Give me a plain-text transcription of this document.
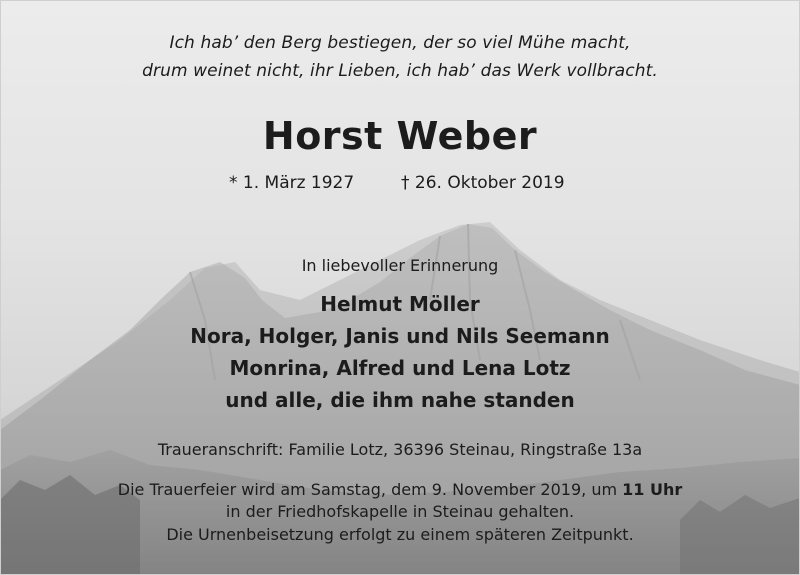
Ich hab’ den Berg bestiegen, der so viel Mühe macht,
drum weinet nicht, ihr Lieben, ich hab’ das Werk vollbracht.
Horst Weber
* 1. März 1927	† 26. Oktober 2019
In liebevoller Erinnerung
Helmut Möller
Nora, Holger, Janis und Nils Seemann
Monrina, Alfred und Lena Lotz
und alle, die ihm nahe standen
Traueranschrift: Familie Lotz, 36396 Steinau, Ringstraße 13a
Die Trauerfeier wird am Samstag, dem 9. November 2019, um 11 Uhr
in der Friedhofskapelle in Steinau gehalten.
Die Urnenbeisetzung erfolgt zu einem späteren Zeitpunkt.
